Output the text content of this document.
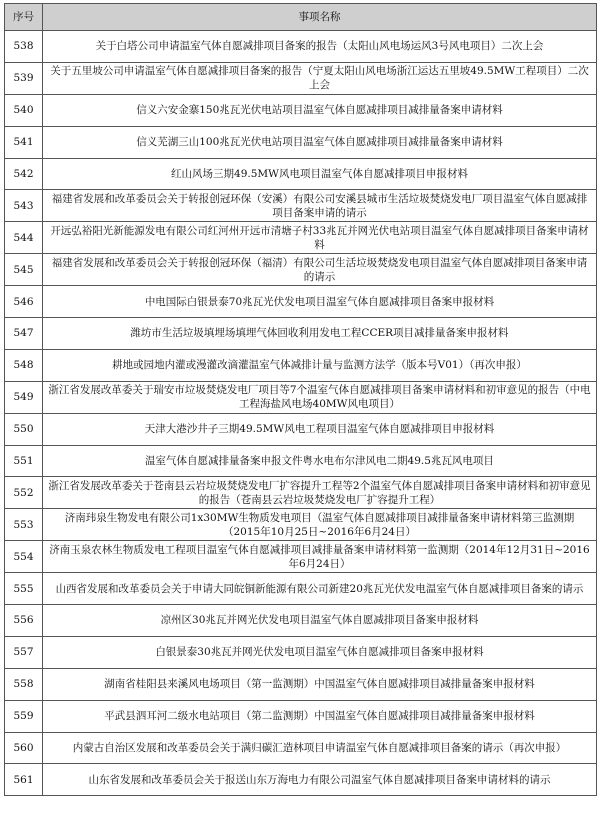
序号	事项名称
538	关于白塔公司申请温室气体自愿减排项目备案的报告（太阳山风电场运风3号风电项目）二次上会
539	关于五里坡公司申请温室气体自愿减排项目备案的报告（宁夏太阳山风电场浙江运达五里坡49.5MW工程项目）二次上会
540	信义六安金寨150兆瓦光伏电站项目温室气体自愿减排项目减排量备案申请材料
541	信义芜湖三山100兆瓦光伏电站项目温室气体自愿减排项目减排量备案申请材料
542	红山风场三期49.5MW风电项目温室气体自愿减排项目申报材料
543	福建省发展和改革委员会关于转报创冠环保（安溪）有限公司安溪县城市生活垃圾焚烧发电厂项目温室气体自愿减排项目备案申请的请示
544	开远弘裕阳光新能源发电有限公司红河州开远市清塘子村33兆瓦并网光伏电站项目温室气体自愿减排项目备案申请材料
545	福建省发展和改革委员会关于转报创冠环保（福清）有限公司生活垃圾焚烧发电项目温室气体自愿减排项目备案申请的请示
546	中电国际白银景泰70兆瓦光伏发电项目温室气体自愿减排项目备案申报材料
547	潍坊市生活垃圾填埋场填埋气体回收利用发电工程CCER项目减排量备案申报材料
548	耕地或园地内灌或漫灌改滴灌温室气体减排计量与监测方法学（版本号V01）（再次申报）
549	浙江省发展改革委关于瑞安市垃圾焚烧发电厂项目等7个温室气体自愿减排项目备案申请材料和初审意见的报告（中电工程海盐风电场40MW风电项目）
550	天津大港沙井子三期49.5MW风电工程项目温室气体自愿减排项目申报材料
551	温室气体自愿减排量备案申报文件粤水电布尔津风电二期49.5兆瓦风电项目
552	浙江省发展改革委关于苍南县云岩垃圾焚烧发电厂扩容提升工程等2个温室气体自愿减排项目备案申请材料和初审意见的报告（苍南县云岩垃圾焚烧发电厂扩容提升工程）
553	济南玮泉生物发电有限公司1x30MW生物质发电项目（温室气体自愿减排项目减排量备案申请材料第三监测期（2015年10月25日~2016年6月24日）
554	济南玉泉农林生物质发电工程项目温室气体自愿减排项目减排量备案申请材料第一监测期（2014年12月31日~2016年6月24日）
555	山西省发展和改革委员会关于申请大同皖铜新能源有限公司新建20兆瓦光伏发电温室气体自愿减排项目备案的请示
556	凉州区30兆瓦并网光伏发电项目温室气体自愿减排项目备案申报材料
557	白银景泰30兆瓦并网光伏发电项目温室气体自愿减排项目备案申报材料
558	湖南省桂阳县来溪风电场项目（第一监测期）中国温室气体自愿减排项目减排量备案申报材料
559	平武县泗耳河二级水电站项目（第二监测期）中国温室气体自愿减排项目减排量备案申报材料
560	内蒙古自治区发展和改革委员会关于满归碳汇造林项目申请温室气体自愿减排项目备案的请示（再次申报）
561	山东省发展和改革委员会关于报送山东万海电力有限公司温室气体自愿减排项目备案申请材料的请示
